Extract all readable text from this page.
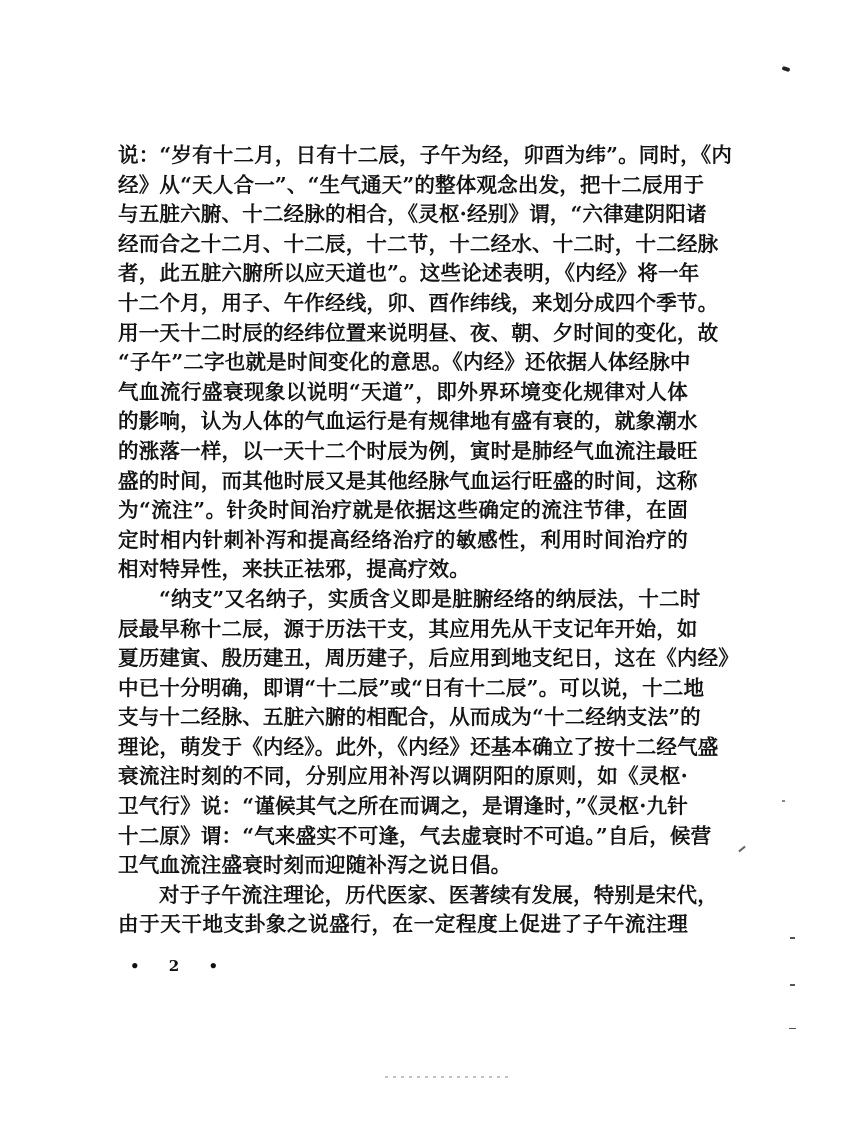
说：“岁有十二月，日有十二辰，子午为经，卯酉为纬”。同时，《内
经》从“天人合一”、“生气通天”的整体观念出发，把十二辰用于
与五脏六腑、十二经脉的相合，《灵枢·经别》谓，“六律建阴阳诸
经而合之十二月、十二辰，十二节，十二经水、十二时，十二经脉
者，此五脏六腑所以应天道也”。这些论述表明，《内经》将一年
十二个月，用子、午作经线，卯、酉作纬线，来划分成四个季节。
用一天十二时辰的经纬位置来说明昼、夜、朝、夕时间的变化，故
“子午”二字也就是时间变化的意思。《内经》还依据人体经脉中
气血流行盛衰现象以说明“天道”，即外界环境变化规律对人体
的影响，认为人体的气血运行是有规律地有盛有衰的，就象潮水
的涨落一样，以一天十二个时辰为例，寅时是肺经气血流注最旺
盛的时间，而其他时辰又是其他经脉气血运行旺盛的时间，这称
为“流注”。针灸时间治疗就是依据这些确定的流注节律，在固
定时相内针刺补泻和提高经络治疗的敏感性，利用时间治疗的
相对特异性，来扶正祛邪，提高疗效。
“纳支”又名纳子，实质含义即是脏腑经络的纳辰法，十二时
辰最早称十二辰，源于历法干支，其应用先从干支记年开始，如
夏历建寅、殷历建丑，周历建子，后应用到地支纪日，这在《内经》
中已十分明确，即谓“十二辰”或“日有十二辰”。可以说，十二地
支与十二经脉、五脏六腑的相配合，从而成为“十二经纳支法”的
理论，萌发于《内经》。此外，《内经》还基本确立了按十二经气盛
衰流注时刻的不同，分别应用补泻以调阴阳的原则，如《灵枢·
卫气行》说：“谨候其气之所在而调之，是谓逢时，”《灵枢·九针
十二原》谓：“气来盛实不可逢，气去虚衰时不可追。”自后，候营
卫气血流注盛衰时刻而迎随补泻之说日倡。
对于子午流注理论，历代医家、医著续有发展，特别是宋代，
由于天干地支卦象之说盛行，在一定程度上促进了子午流注理
• 2 •
